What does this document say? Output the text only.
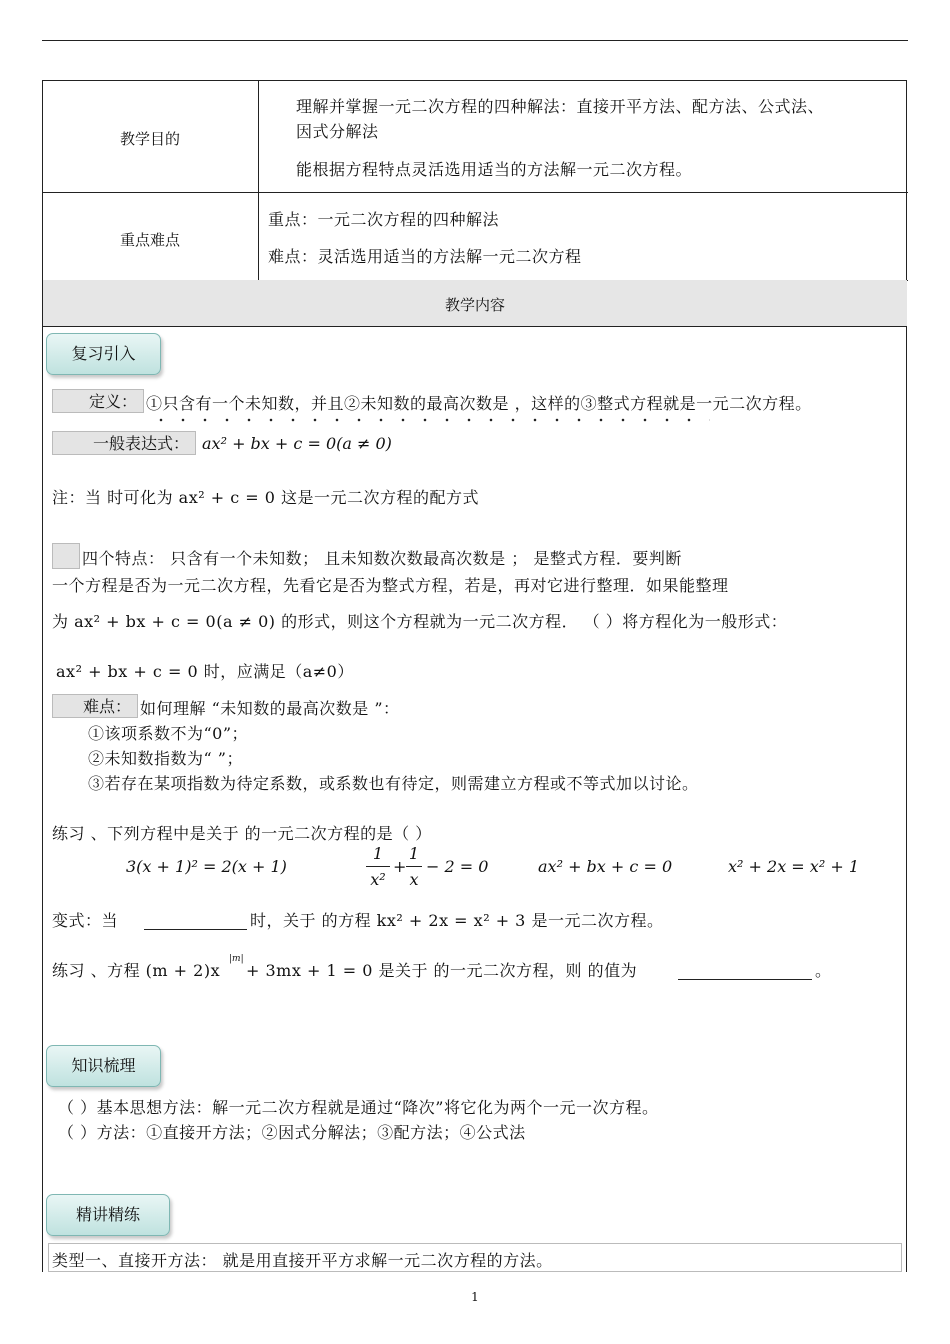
教学目的
理解并掌握一元二次方程的四种解法：直接开平方法、配方法、公式法、
因式分解法
能根据方程特点灵活选用适当的方法解一元二次方程。
重点难点
重点：一元二次方程的四种解法
难点：灵活选用适当的方法解一元二次方程
教学内容
复习引入
定义： ①只含有一个未知数，并且②未知数的最高次数是 ，这样的③整式方程就是一元二次方程。
一般表达式： ax² + bx + c = 0(a ≠ 0)
注：当 时可化为 ax² + c = 0 这是一元二次方程的配方式
四个特点： 只含有一个未知数； 且未知数次数最高次数是 ； 是整式方程．要判断
一个方程是否为一元二次方程，先看它是否为整式方程，若是，再对它进行整理．如果能整理
为 ax² + bx + c = 0(a ≠ 0) 的形式，则这个方程就为一元二次方程． （ ）将方程化为一般形式：
ax² + bx + c = 0 时，应满足（a≠0）
难点： 如何理解 “未知数的最高次数是 ”：
①该项系数不为“0”；
②未知数指数为“ ”；
③若存在某项指数为待定系数，或系数也有待定，则需建立方程或不等式加以讨论。
练习 、下列方程中是关于 的一元二次方程的是（ ）
3(x + 1)² = 2(x + 1)
1
x²
+
1
x
− 2 = 0	ax² + bx + c = 0	x² + 2x = x² + 1
变式：当	时，关于 的方程 kx² + 2x = x² + 3 是一元二次方程。
练习 、方程 (m + 2)x
|m|
+ 3mx + 1 = 0 是关于 的一元二次方程，则 的值为	。
知识梳理
（ ）基本思想方法：解一元二次方程就是通过“降次”将它化为两个一元一次方程。
（ ）方法：①直接开方法；②因式分解法；③配方法；④公式法
精讲精练
类型一、直接开方法： 就是用直接开平方求解一元二次方程的方法。
1
